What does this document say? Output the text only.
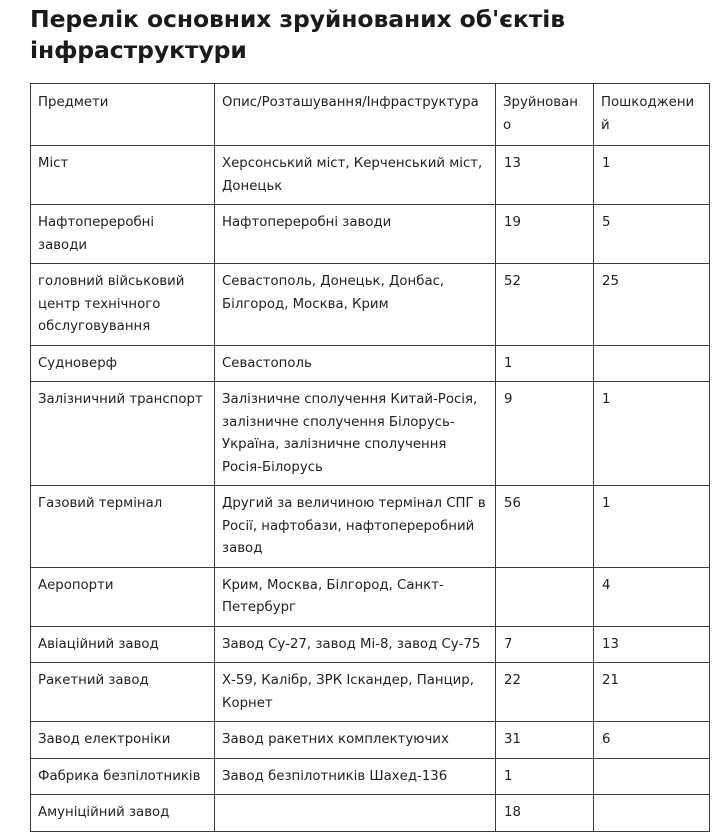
Перелік основних зруйнованих об'єктів інфраструктури
Предмети	Опис/Розташування/Інфраструктура	Зруйновано	Пошкоджений
Міст	Херсонський міст, Керченський міст, Донецьк	13	1
Нафтопереробні заводи	Нафтопереробні заводи	19	5
головний військовий центр технічного обслуговування	Севастополь, Донецьк, Донбас, Білгород, Москва, Крим	52	25
Судноверф	Севастополь	1	
Залізничний транспорт	Залізничне сполучення Китай-Росія, залізничне сполучення Білорусь-Україна, залізничне сполучення Росія-Білорусь	9	1
Газовий термінал	Другий за величиною термінал СПГ в Росії, нафтобази, нафтопереробний завод	56	1
Аеропорти	Крим, Москва, Білгород, Санкт-Петербург		4
Авіаційний завод	Завод Су-27, завод Мі-8, завод Су-75	7	13
Ракетний завод	Х-59, Калібр, ЗРК Іскандер, Панцир, Корнет	22	21
Завод електроніки	Завод ракетних комплектуючих	31	6
Фабрика безпілотників	Завод безпілотників Шахед-136	1	
Амуніційний завод		18	
